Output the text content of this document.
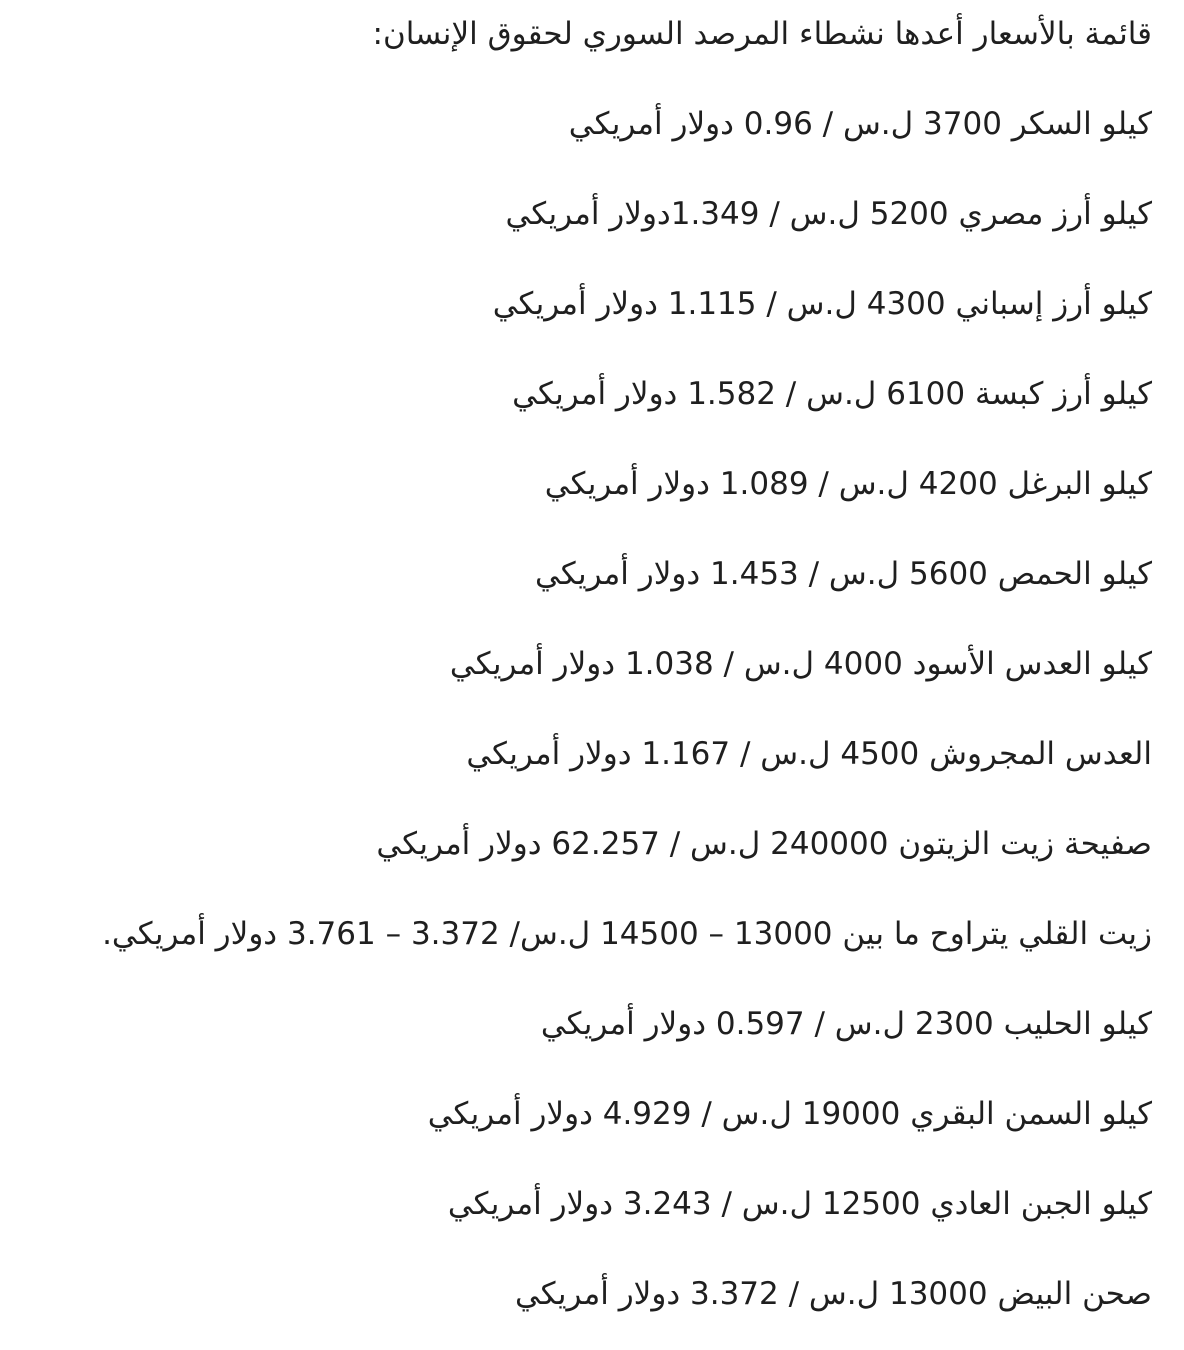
قائمة بالأسعار أعدها نشطاء المرصد السوري لحقوق الإنسان:

كيلو السكر 3700 ل.س / 0.96 دولار أمريكي

كيلو أرز مصري 5200 ل.س / 1.349دولار أمريكي

كيلو أرز إسباني 4300 ل.س / 1.115 دولار أمريكي

كيلو أرز كبسة 6100 ل.س / 1.582 دولار أمريكي

كيلو البرغل 4200 ل.س / 1.089 دولار أمريكي

كيلو الحمص 5600 ل.س / 1.453 دولار أمريكي

كيلو العدس الأسود 4000 ل.س / 1.038 دولار أمريكي

العدس المجروش 4500 ل.س / 1.167 دولار أمريكي

صفيحة زيت الزيتون 240000 ل.س / 62.257 دولار أمريكي

زيت القلي يتراوح ما بين 13000 – 14500 ل.س/ 3.372 – 3.761 دولار أمريكي.

كيلو الحليب 2300 ل.س / 0.597 دولار أمريكي

كيلو السمن البقري 19000 ل.س / 4.929 دولار أمريكي

كيلو الجبن العادي 12500 ل.س / 3.243 دولار أمريكي

صحن البيض 13000 ل.س / 3.372 دولار أمريكي
